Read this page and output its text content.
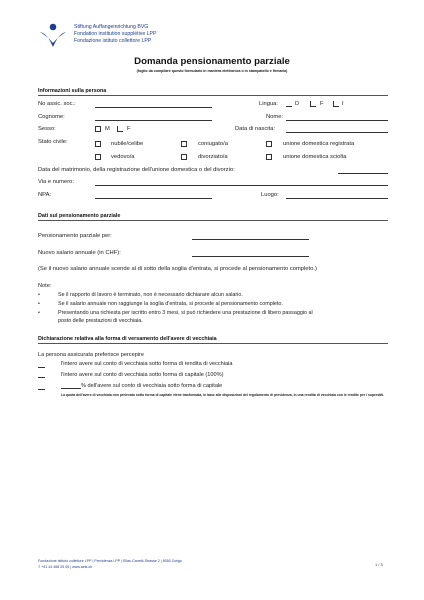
Stiftung Auffangeinrichtung BVG
Fondation institution supplétive LPP
Fondazione istituto collettore LPP
Domanda pensionamento parziale
(foglio da compilare questo formulario in maniera elettronica o in stampatello e firmarlo)
Informazioni sulla persona
No assic. soc.:	Lingua:	D	F	I
Cognome:	Nome:
Sesso:	M	F	Data di nascita:
Stato civile:	nubile/celibe	coniugato/a	unione domestica registrata
vedovo/a	divorziato/a	unione domestica sciolta
Data del matrimonio, della registrazione dell'unione domestica o del divorzio:
Via e numero:
NPA:	Luogo:
Dati sul pensionamento parziale
Pensionamento parziale per:
Nuovo salario annuale (in CHF):
(Se il nuovo salario annuale scende al di sotto della soglia d'entrata, si procede al pensionamento completo.)
Note:
•	Se il rapporto di lavoro è terminato, non è necessario dichiarare alcun salario.
•	Se il salario annuale non raggiunge la soglia d'entrata, si procede al pensionamento completo.
•	Presentando una richiesta per iscritto entro 3 mesi, si può richiedere una prestazione di libero passaggio al
posto delle prestazioni di vecchiaia.
Dichiarazione relativa alla forma di versamento dell'avere di vecchiaia
La persona assicurata preferisce percepire
l'intero avere sul conto di vecchiaia sotto forma di rendita di vecchiaia
l'intero avere sul conto di vecchiaia sotto forma di capitale (100%)
% dell'avere sul conto di vecchiaia sotto forma di capitale
La quota dell'avere di vecchiaia non prelevato sotto forma di capitale viene trasformata, in base alle disposizioni del regolamento di previdenza, in una rendita di vecchiaia con le rendite per i superstiti.
Fondazione istituto collettore LPP | Previdenza LPP | Elias-Canetti-Strasse 2 | 8050 Zurigo
T +41 44 468 25 05 | www.aeis.ch	1 / 3
